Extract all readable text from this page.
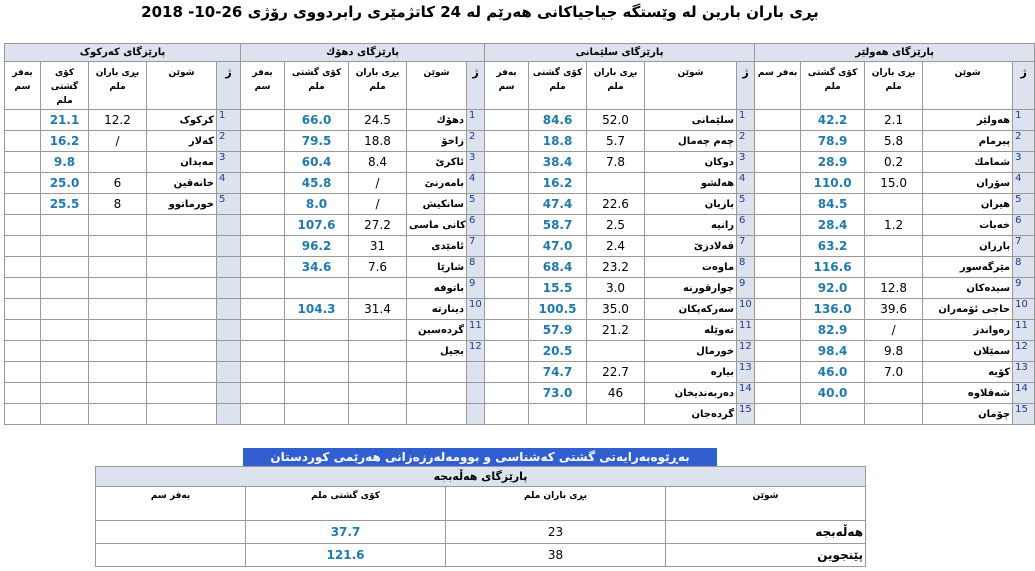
بڕی باران بارین له وێستگه جیاجیاکانی هەرێم له 24 کاتژمێری رابردووی رۆژی 26-10- 2018
پارێزگای کەرکوک					پارێزگای دهۆك					پارێزگای سلێمانی					پارێزگای هەولێر				
بەفر سم	كۆى گشتى ملم	بڕی باران ملم	شوێن	ژ	بەفر سم	كۆى گشتى ملم	بڕی باران ملم	شوێن	ژ	بەفر سم	كۆى گشتى ملم	بڕی باران ملم	شوێن	ژ	بەفر سم	كۆى گشتى ملم	بڕی باران ملم	شوێن	ژ
	21.1	12.2	کرکوک	1		66.0	24.5	دهۆك	1		84.6	52.0	سلێمانی	1		42.2	2.1	هەولێر	1
	16.2	/	کەلار	2		79.5	18.8	زاخۆ	2		18.8	5.7	چەم چەمال	2		78.9	5.8	پیرمام	2
	9.8		مەیدان	3		60.4	8.4	ئاکرێ	3		38.4	7.8	دوکان	3		28.9	0.2	شمامك	3
	25.0	6	خانەقین	4		45.8	/	بامەرنێ	4		16.2		هەلشو	4		110.0	15.0	سۆران	4
	25.5	8	خورماتوو	5		8.0	/	سانکیش	5		47.4	22.6	بازیان	5		84.5		هیران	5
						107.6	27.2	کانی ماسی	6		58.7	2.5	رانیە	6		28.4	1.2	خەبات	6
						96.2	31	ئامێدی	7		47.0	2.4	قەلادزێ	7		63.2		بارزان	7
						34.6	7.6	شارێا	8		68.4	23.2	ماوەت	8		116.6		مێرگەسور	8
								باتوفە	9		15.5	3.0	چوارقورنە	9		92.0	12.8	سیدەکان	9
						104.3	31.4	دینارتە	10		100.5	35.0	سەرکەپکان	10		136.0	39.6	حاجی ئۆمەران	10
								گردەسین	11		57.9	21.2	تەوێلە	11		82.9	/	رەواندز	11
								بجیل	12		20.5		خورمال	12		98.4	9.8	سمێلان	12
											74.7	22.7	بیارە	13		46.0	7.0	کۆیە	13
											73.0	46	دەربەندیخان	14		40.0		شەقلاوە	14
													گردەجان	15				چۆمان	15
بەڕێوەبەرایەتی گشتی کەشناسی و بوومەلەرزەزانی هەرێمی کوردستان
پارێزگای هەڵەبجە			
بەفر سم	كۆى گشتى ملم	بڕی باران ملم	شوێن
	37.7	23	هەڵەبجە
	121.6	38	پێنجوین
